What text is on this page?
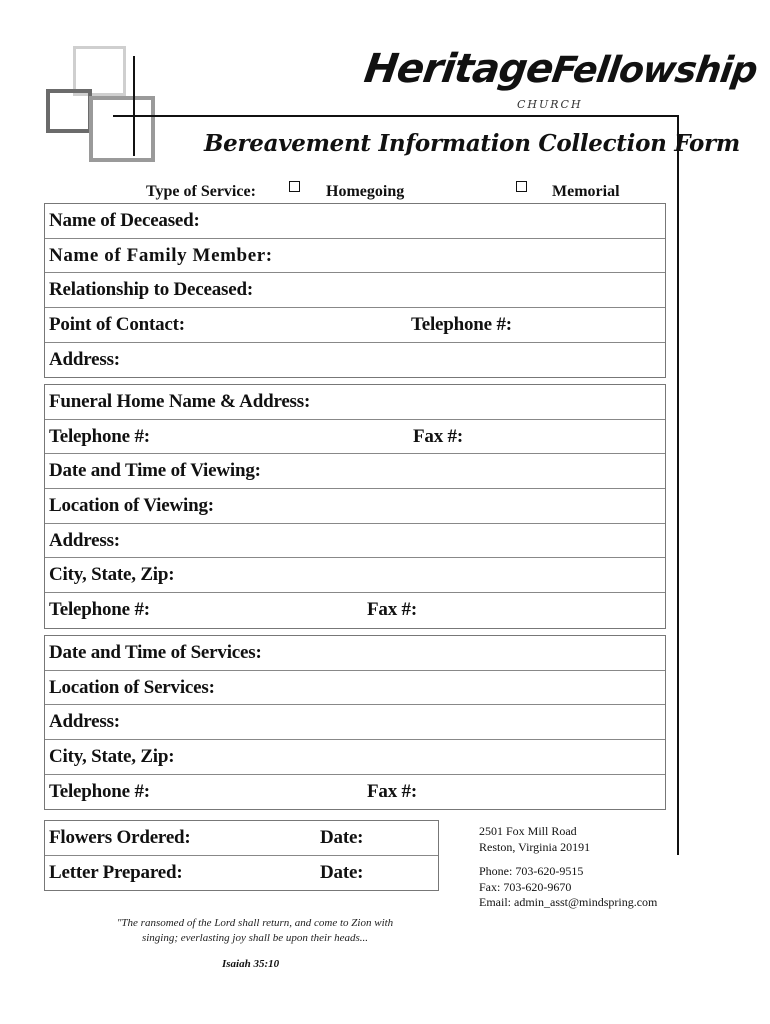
HeritageFellowship
CHURCH
Bereavement Information Collection Form
Type of Service:	Homegoing	Memorial
Name of Deceased:
Name of Family Member:
Relationship to Deceased:
Point of Contact:	Telephone #:
Address:
Funeral Home Name & Address:
Telephone #:	Fax #:
Date and Time of Viewing:
Location of Viewing:
Address:
City, State, Zip:
Telephone #:	Fax #:
Date and Time of Services:
Location of Services:
Address:
City, State, Zip:
Telephone #:	Fax #:
Flowers Ordered:	Date:
Letter Prepared:	Date:
2501 Fox Mill Road
Reston, Virginia 20191
Phone: 703-620-9515
Fax: 703-620-9670
Email: admin_asst@mindspring.com
"The ransomed of the Lord shall return, and come to Zion with
singing; everlasting joy shall be upon their heads...
Isaiah 35:10
